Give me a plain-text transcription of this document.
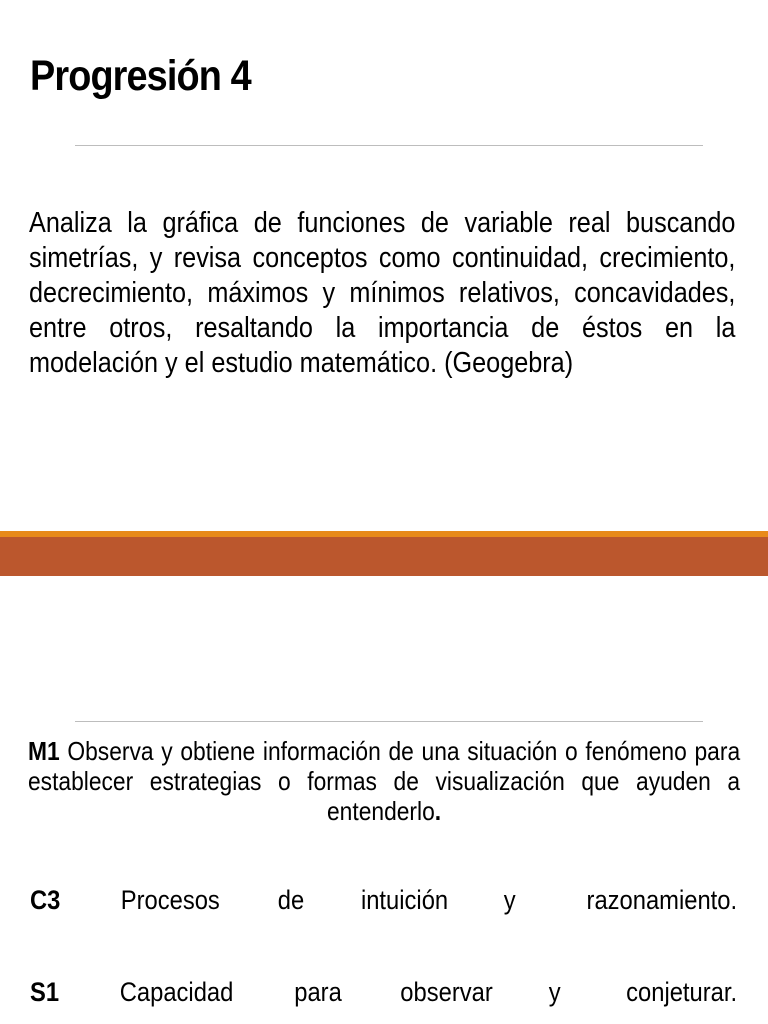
Progresión 4

Analiza la gráfica de funciones de variable real buscando simetrías, y revisa conceptos como continuidad, crecimiento, decrecimiento, máximos y mínimos relativos, concavidades, entre otros, resaltando la importancia de éstos en la modelación y el estudio matemático. (Geogebra)

M1 Observa y obtiene información de una situación o fenómeno para establecer estrategias o formas de visualización que ayuden a entenderlo.

C3 Procesos de intuición y	razonamiento.
S1 Capacidad para observar y conjeturar.
